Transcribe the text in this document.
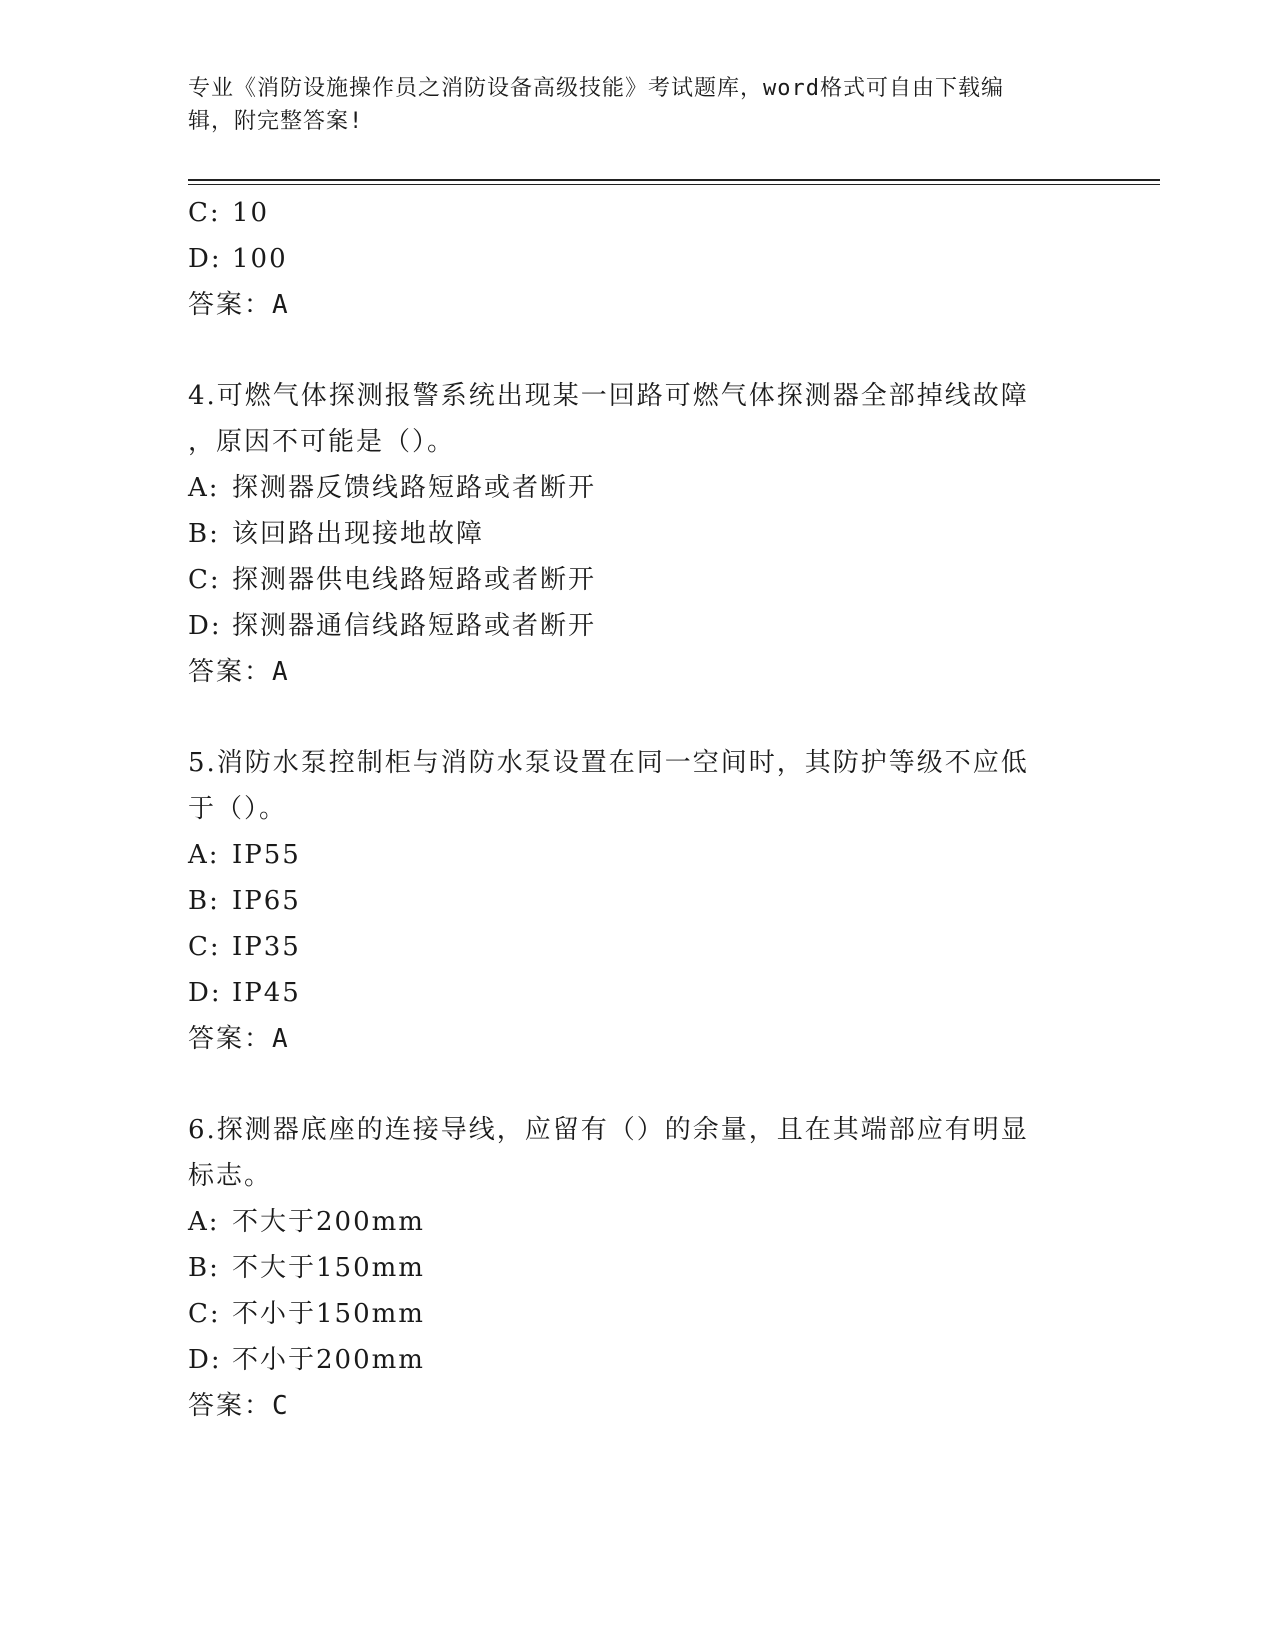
专业《消防设施操作员之消防设备高级技能》考试题库，word格式可自由下载编
辑，附完整答案!
C: 10
D: 100
答案：A
4.可燃气体探测报警系统出现某一回路可燃气体探测器全部掉线故障
，原因不可能是（）。
A: 探测器反馈线路短路或者断开
B: 该回路出现接地故障
C: 探测器供电线路短路或者断开
D: 探测器通信线路短路或者断开
答案：A
5.消防水泵控制柜与消防水泵设置在同一空间时，其防护等级不应低
于（）。
A: IP55
B: IP65
C: IP35
D: IP45
答案：A
6.探测器底座的连接导线，应留有（）的余量，且在其端部应有明显
标志。
A: 不大于200mm
B: 不大于150mm
C: 不小于150mm
D: 不小于200mm
答案：C
